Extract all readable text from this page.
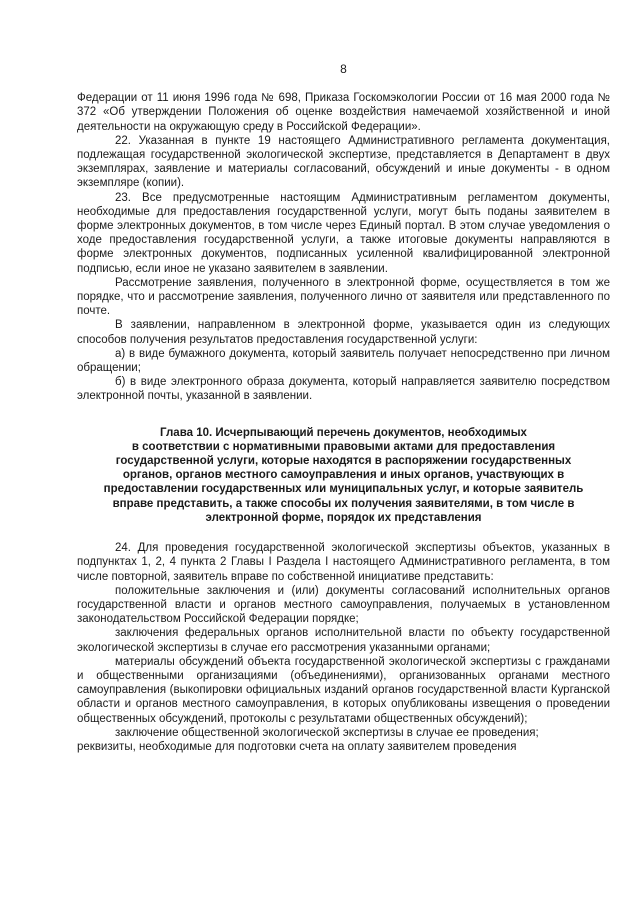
8

Федерации от 11 июня 1996 года № 698, Приказа Госкомэкологии России от 16 мая 2000 года № 372 «Об утверждении Положения об оценке воздействия намечаемой хозяйственной и иной деятельности на окружающую среду в Российской Федерации».

22. Указанная в пункте 19 настоящего Административного регламента документация, подлежащая государственной экологической экспертизе, представляется в Департамент в двух экземплярах, заявление и материалы согласований, обсуждений и иные документы - в одном экземпляре (копии).

23. Все предусмотренные настоящим Административным регламентом документы, необходимые для предоставления государственной услуги, могут быть поданы заявителем в форме электронных документов, в том числе через Единый портал. В этом случае уведомления о ходе предоставления государственной услуги, а также итоговые документы направляются в форме электронных документов, подписанных усиленной квалифицированной электронной подписью, если иное не указано заявителем в заявлении.

Рассмотрение заявления, полученного в электронной форме, осуществляется в том же порядке, что и рассмотрение заявления, полученного лично от заявителя или представленного по почте.

В заявлении, направленном в электронной форме, указывается один из следующих способов получения результатов предоставления государственной услуги:

а) в виде бумажного документа, который заявитель получает непосредственно при личном обращении;

б) в виде электронного образа документа, который направляется заявителю посредством электронной почты, указанной в заявлении.

Глава 10. Исчерпывающий перечень документов, необходимых
в соответствии с нормативными правовыми актами для предоставления
государственной услуги, которые находятся в распоряжении государственных
органов, органов местного самоуправления и иных органов, участвующих в
предоставлении государственных или муниципальных услуг, и которые заявитель
вправе представить, а также способы их получения заявителями, в том числе в
электронной форме, порядок их представления

24. Для проведения государственной экологической экспертизы объектов, указанных в подпунктах 1, 2, 4 пункта 2 Главы I Раздела I настоящего Административного регламента, в том числе повторной, заявитель вправе по собственной инициативе представить:

положительные заключения и (или) документы согласований исполнительных органов государственной власти и органов местного самоуправления, получаемых в установленном законодательством Российской Федерации порядке;

заключения федеральных органов исполнительной власти по объекту государственной экологической экспертизы в случае его рассмотрения указанными органами;

материалы обсуждений объекта государственной экологической экспертизы с гражданами и общественными организациями (объединениями), организованных органами местного самоуправления (выкопировки официальных изданий органов государственной власти Курганской области и органов местного самоуправления, в которых опубликованы извещения о проведении общественных обсуждений, протоколы с результатами общественных обсуждений);

заключение общественной экологической экспертизы в случае ее проведения;

реквизиты, необходимые для подготовки счета на оплату заявителем проведения
